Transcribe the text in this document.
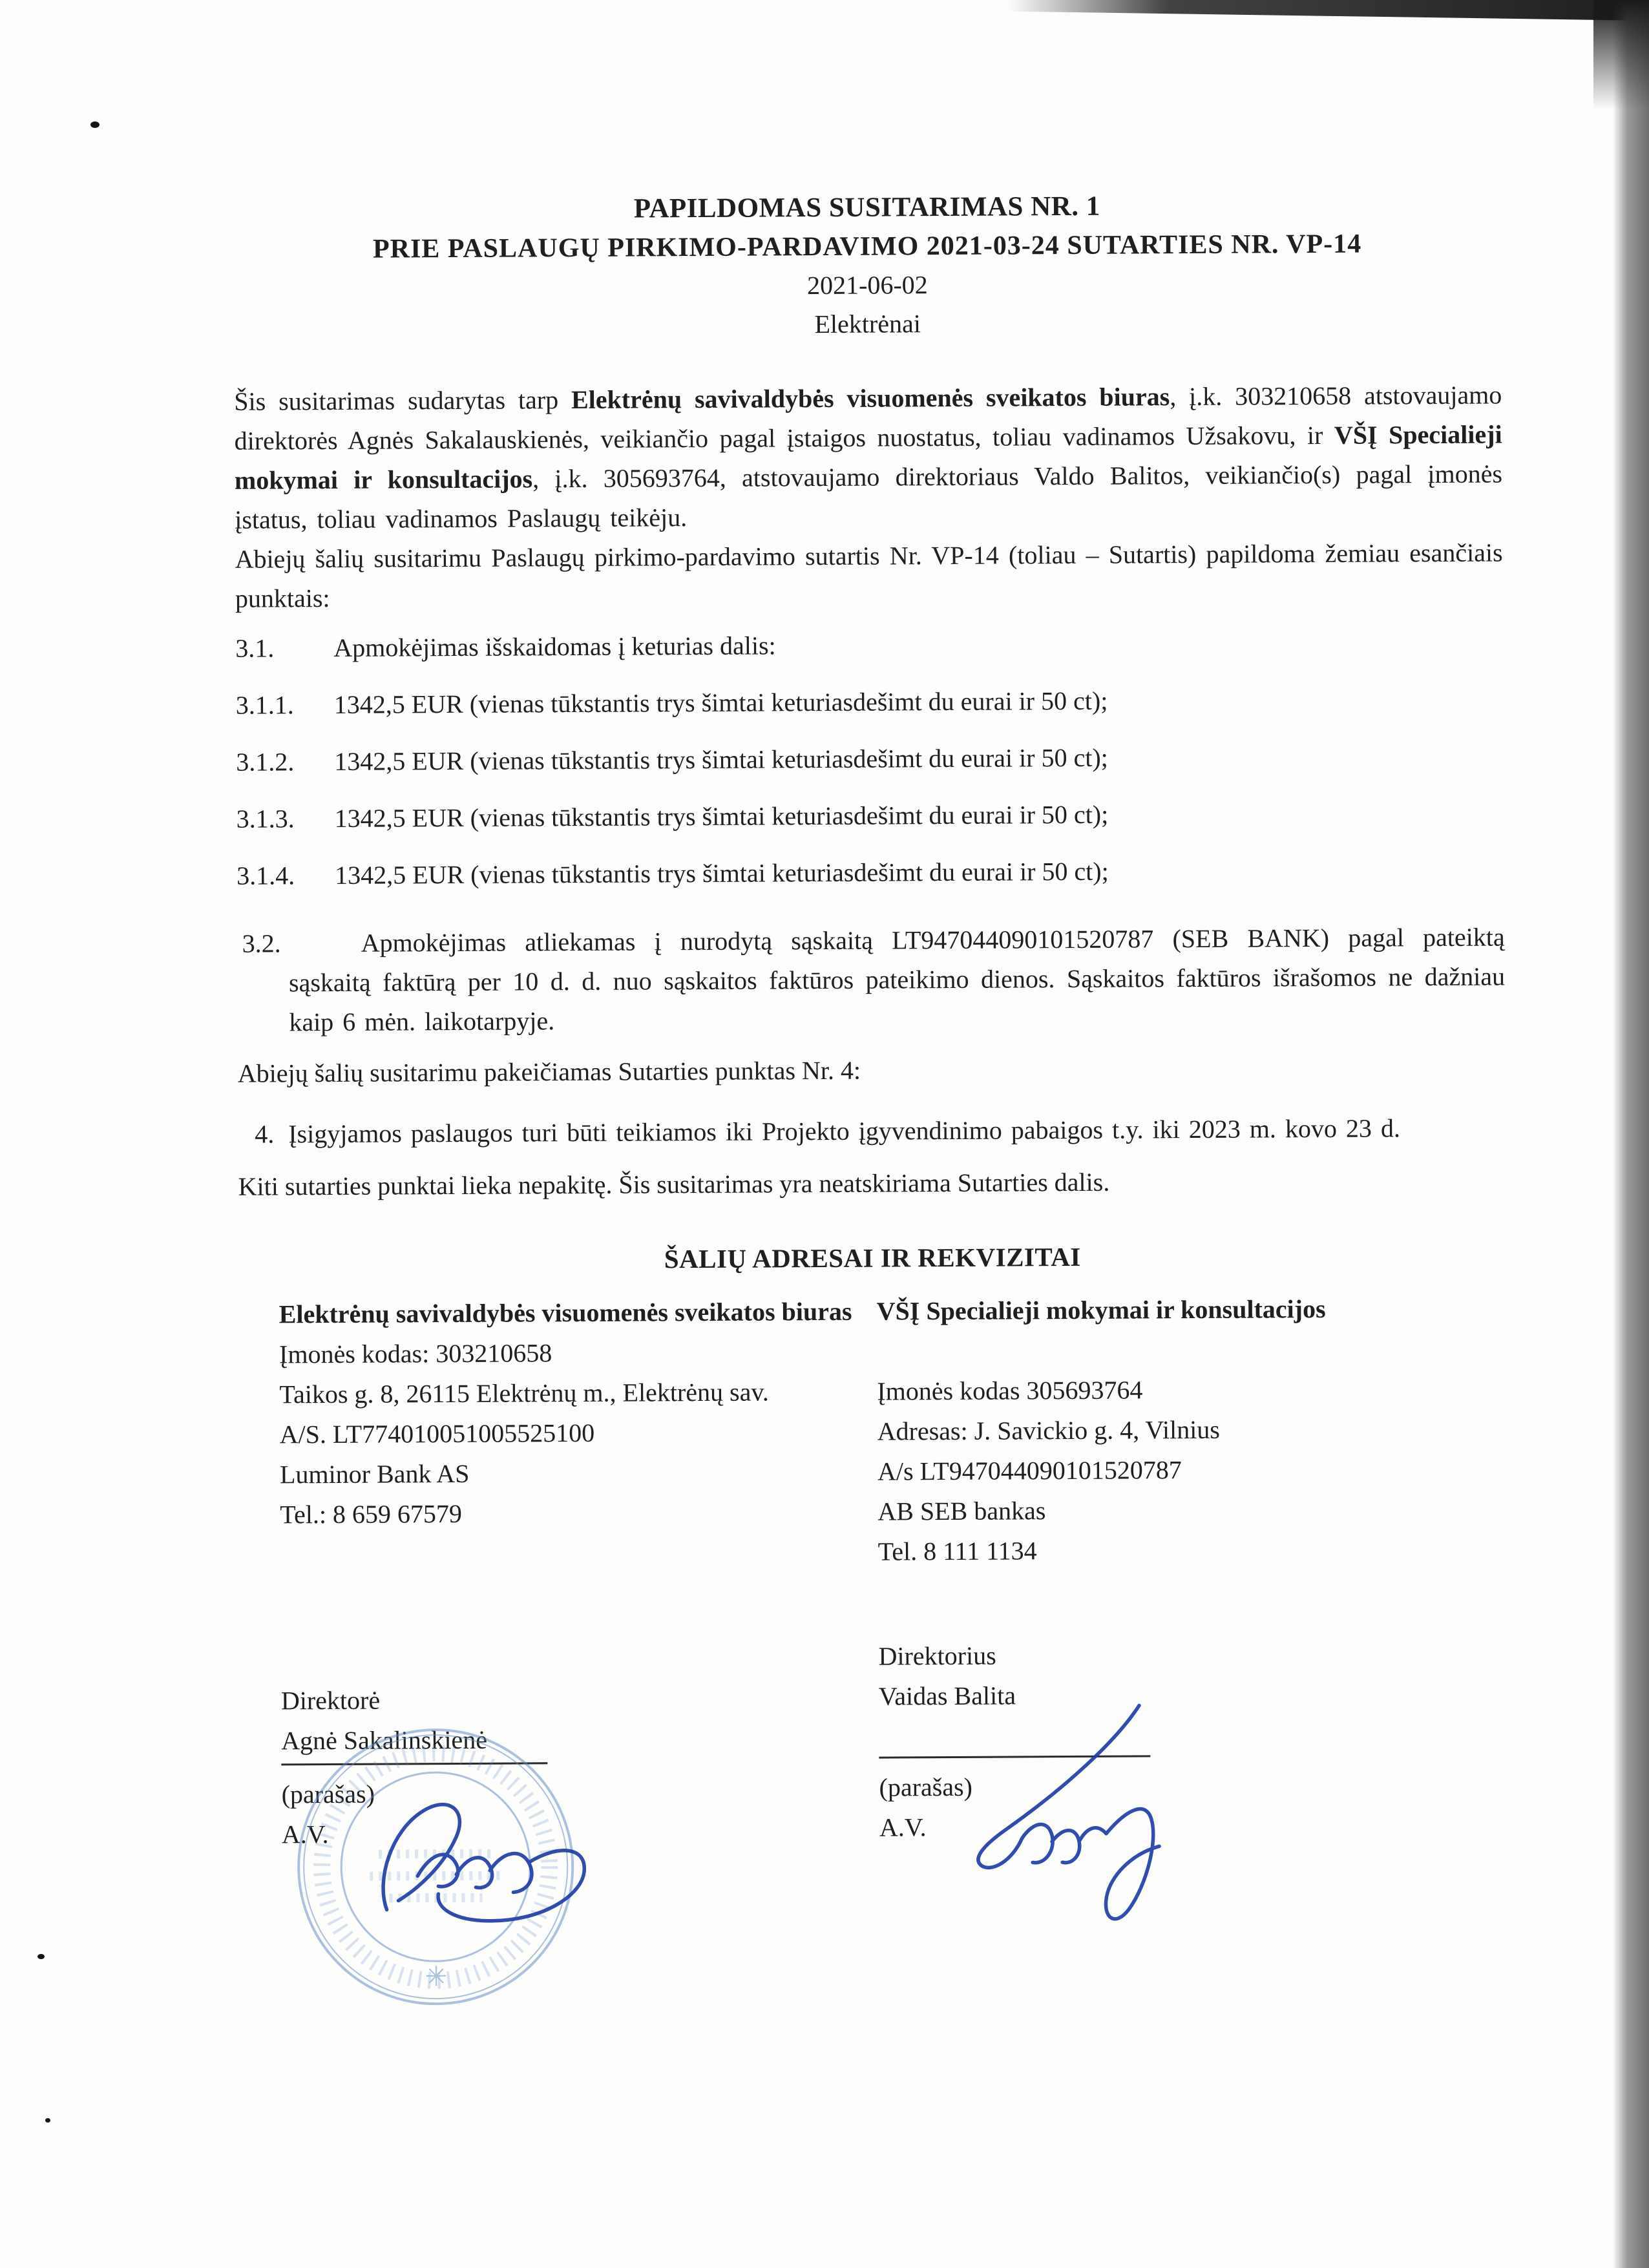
PAPILDOMAS SUSITARIMAS NR. 1
PRIE PASLAUGŲ PIRKIMO-PARDAVIMO 2021-03-24 SUTARTIES NR. VP-14
2021-06-02
Elektrėnai
Šis susitarimas sudarytas tarp Elektrėnų savivaldybės visuomenės sveikatos biuras, į.k. 303210658 atstovaujamo direktorės Agnės Sakalauskienės, veikiančio pagal įstaigos nuostatus, toliau vadinamos Užsakovu, ir VŠĮ Specialieji mokymai ir konsultacijos, į.k. 305693764, atstovaujamo direktoriaus Valdo Balitos, veikiančio(s) pagal įmonės įstatus, toliau vadinamos Paslaugų teikėju.
Abiejų šalių susitarimu Paslaugų pirkimo-pardavimo sutartis Nr. VP-14 (toliau – Sutartis) papildoma žemiau esančiais punktais:
3.1.	Apmokėjimas išskaidomas į keturias dalis:
3.1.1.	1342,5 EUR (vienas tūkstantis trys šimtai keturiasdešimt du eurai ir 50 ct);
3.1.2.	1342,5 EUR (vienas tūkstantis trys šimtai keturiasdešimt du eurai ir 50 ct);
3.1.3.	1342,5 EUR (vienas tūkstantis trys šimtai keturiasdešimt du eurai ir 50 ct);
3.1.4.	1342,5 EUR (vienas tūkstantis trys šimtai keturiasdešimt du eurai ir 50 ct);
3.2.	Apmokėjimas atliekamas į nurodytą sąskaitą LT947044090101520787 (SEB BANK) pagal pateiktą sąskaitą faktūrą per 10 d. d. nuo sąskaitos faktūros pateikimo dienos. Sąskaitos faktūros išrašomos ne dažniau kaip 6 mėn. laikotarpyje.
Abiejų šalių susitarimu pakeičiamas Sutarties punktas Nr. 4:
4. Įsigyjamos paslaugos turi būti teikiamos iki Projekto įgyvendinimo pabaigos t.y. iki 2023 m. kovo 23 d.
Kiti sutarties punktai lieka nepakitę. Šis susitarimas yra neatskiriama Sutarties dalis.
ŠALIŲ ADRESAI IR REKVIZITAI
Elektrėnų savivaldybės visuomenės sveikatos biuras
Įmonės kodas: 303210658
Taikos g. 8, 26115 Elektrėnų m., Elektrėnų sav.
A/S. LT774010051005525100
Luminor Bank AS
Tel.: 8 659 67579
VŠĮ Specialieji mokymai ir konsultacijos
Įmonės kodas 305693764
Adresas: J. Savickio g. 4, Vilnius
A/s LT947044090101520787
AB SEB bankas
Tel. 8 111 1134
Direktorė
Agnė Sakalinskienė
(parašas)
A.V.
Direktorius
Vaidas Balita
(parašas)
A.V.
✳
